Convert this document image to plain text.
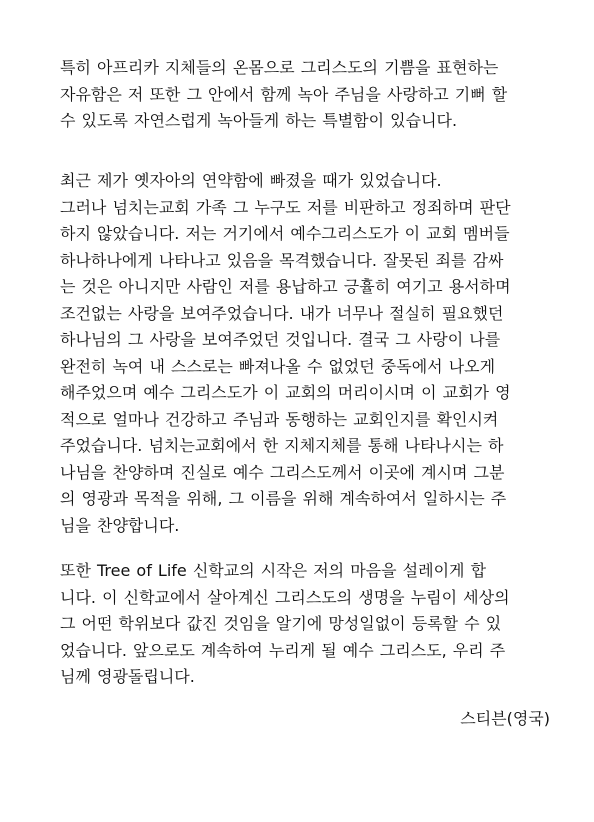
특히 아프리카 지체들의 온몸으로 그리스도의 기쁨을 표현하는
자유함은 저 또한 그 안에서 함께 녹아 주님을 사랑하고 기뻐 할
수 있도록 자연스럽게 녹아들게 하는 특별함이 있습니다.

최근 제가 옛자아의 연약함에 빠졌을 때가 있었습니다.
그러나 넘치는교회 가족 그 누구도 저를 비판하고 정죄하며 판단
하지 않았습니다. 저는 거기에서 예수그리스도가 이 교회 멤버들
하나하나에게 나타나고 있음을 목격했습니다. 잘못된 죄를 감싸
는 것은 아니지만 사람인 저를 용납하고 긍휼히 여기고 용서하며
조건없는 사랑을 보여주었습니다. 내가 너무나 절실히 필요했던
하나님의 그 사랑을 보여주었던 것입니다. 결국 그 사랑이 나를
완전히 녹여 내 스스로는 빠져나올 수 없었던 중독에서 나오게
해주었으며 예수 그리스도가 이 교회의 머리이시며 이 교회가 영
적으로 얼마나 건강하고 주님과 동행하는 교회인지를 확인시켜
주었습니다. 넘치는교회에서 한 지체지체를 통해 나타나시는 하
나님을 찬양하며 진실로 예수 그리스도께서 이곳에 계시며 그분
의 영광과 목적을 위해, 그 이름을 위해 계속하여서 일하시는 주
님을 찬양합니다.

또한 Tree of Life 신학교의 시작은 저의 마음을 설레이게 합
니다. 이 신학교에서 살아계신 그리스도의 생명을 누림이 세상의
그 어떤 학위보다 값진 것임을 알기에 망성일없이 등록할 수 있
었습니다. 앞으로도 계속하여 누리게 될 예수 그리스도, 우리 주
님께 영광돌립니다.

스티븐(영국)
